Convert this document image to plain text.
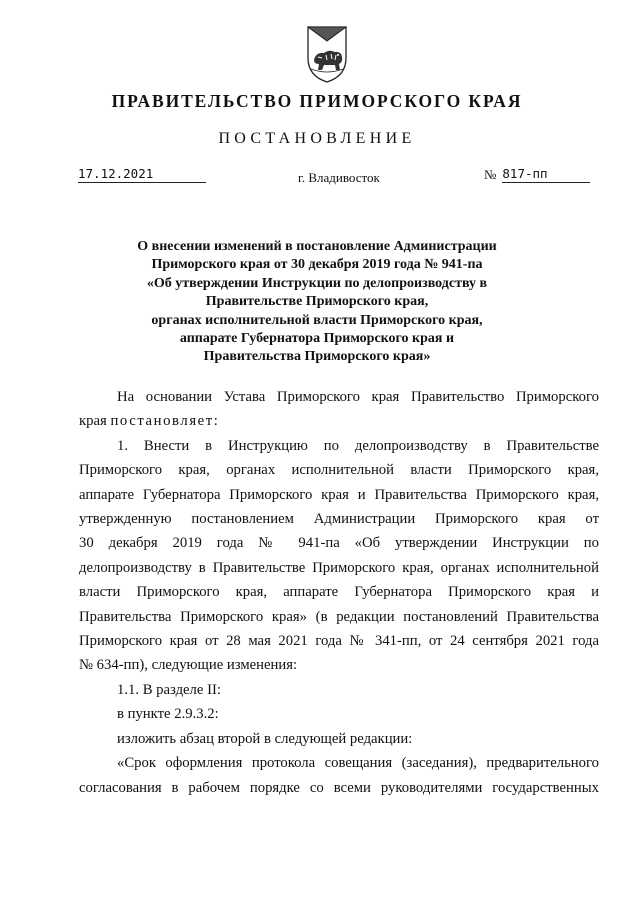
ПРАВИТЕЛЬСТВО ПРИМОРСКОГО КРАЯ
ПОСТАНОВЛЕНИЕ
17.12.2021	г. Владивосток	№ 817-пп
О внесении изменений в постановление Администрации
Приморского края от 30 декабря 2019 года № 941-па
«Об утверждении Инструкции по делопроизводству в
Правительстве Приморского края,
органах исполнительной власти Приморского края,
аппарате Губернатора Приморского края и
Правительства Приморского края»

На основании Устава Приморского края Правительство Приморского

края постановляет:

1. Внести в Инструкцию по делопроизводству в Правительстве

Приморского края, органах исполнительной власти Приморского края,

аппарате Губернатора Приморского края и Правительства Приморского края,

утвержденную постановлением Администрации Приморского края от

30 декабря 2019 года № 941-па «Об утверждении Инструкции по

делопроизводству в Правительстве Приморского края, органах исполнительной

власти Приморского края, аппарате Губернатора Приморского края и

Правительства Приморского края» (в редакции постановлений Правительства

Приморского края от 28 мая 2021 года № 341-пп, от 24 сентября 2021 года

№ 634-пп), следующие изменения:

1.1. В разделе II:

в пункте 2.9.3.2:

изложить абзац второй в следующей редакции:

«Срок оформления протокола совещания (заседания), предварительного

согласования в рабочем порядке со всеми руководителями государственных
